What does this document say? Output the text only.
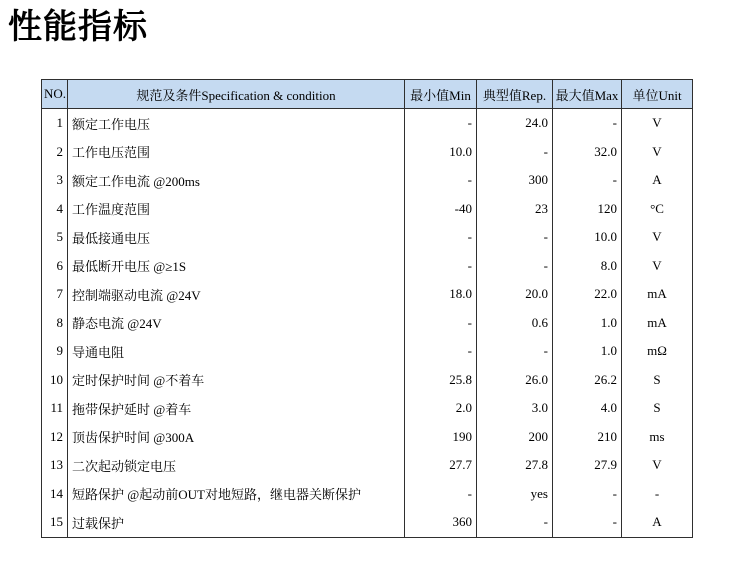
性能指标
NO.	规范及条件Specification & condition	最小值Min	典型值Rep.	最大值Max	单位Unit
1	额定工作电压	-	24.0	-	V
2	工作电压范围	10.0	-	32.0	V
3	额定工作电流 @200ms	-	300	-	A
4	工作温度范围	-40	23	120	°C
5	最低接通电压	-	-	10.0	V
6	最低断开电压 @≥1S	-	-	8.0	V
7	控制端驱动电流 @24V	18.0	20.0	22.0	mA
8	静态电流 @24V	-	0.6	1.0	mA
9	导通电阻	-	-	1.0	mΩ
10	定时保护时间 @不着车	25.8	26.0	26.2	S
11	拖带保护延时 @着车	2.0	3.0	4.0	S
12	顶齿保护时间 @300A	190	200	210	ms
13	二次起动锁定电压	27.7	27.8	27.9	V
14	短路保护 @起动前OUT对地短路，继电器关断保护	-	yes	-	-
15	过载保护	360	-	-	A
